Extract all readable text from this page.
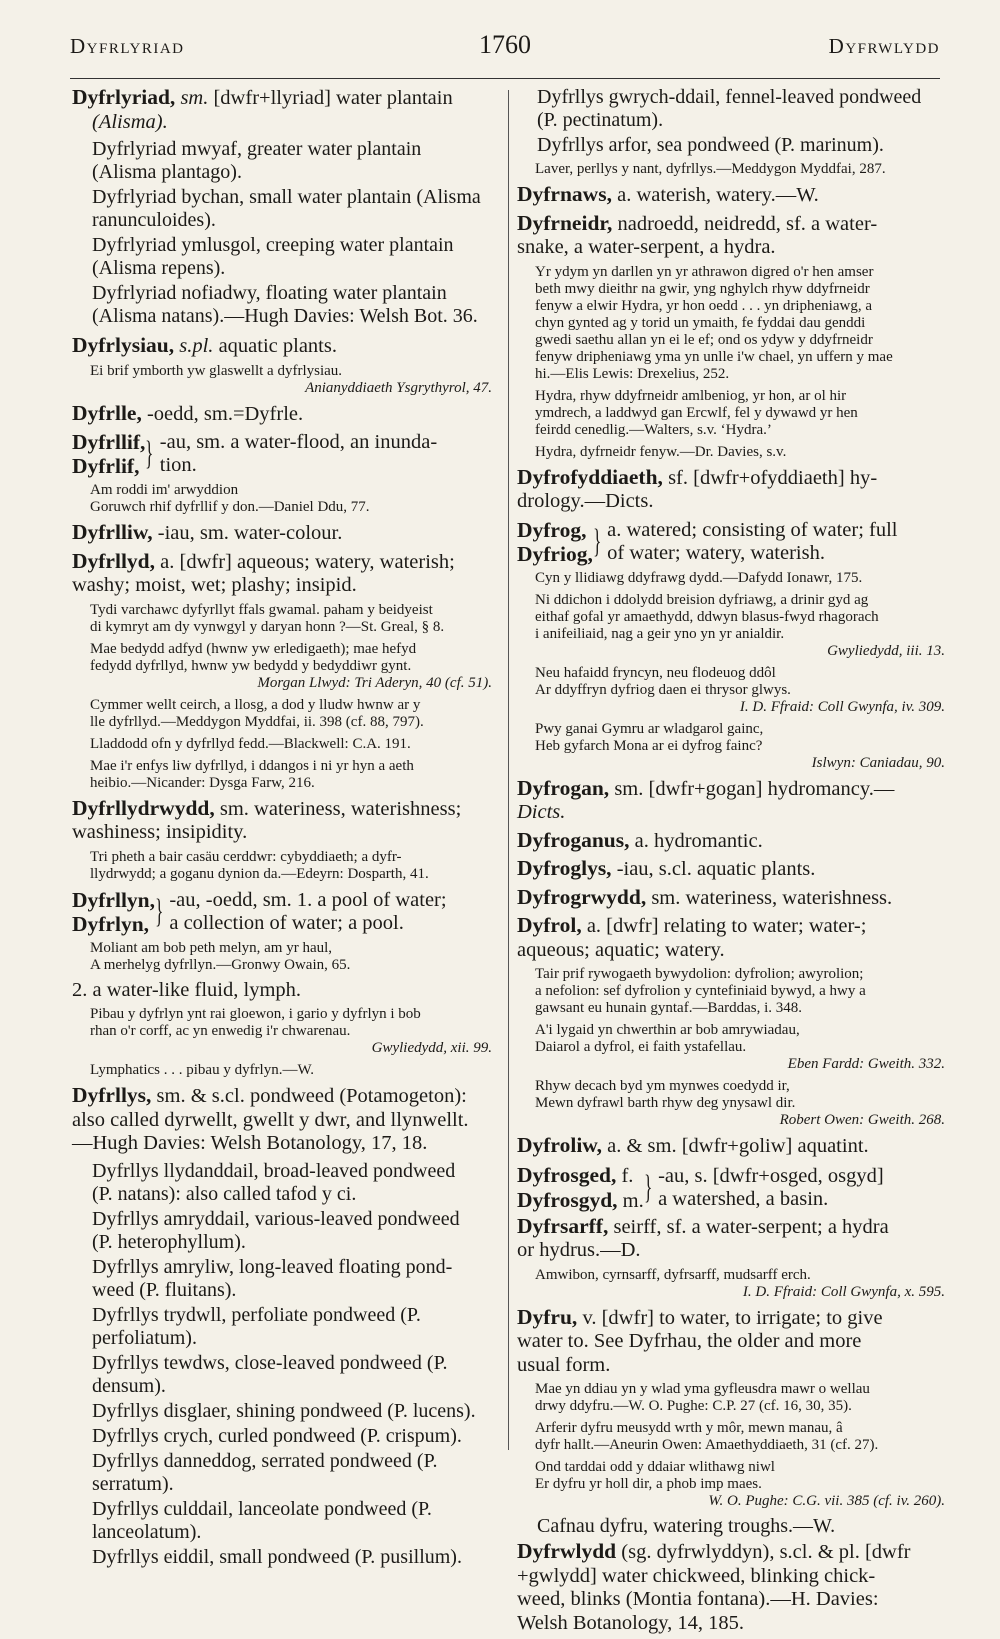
Dyfrlyriad	1760	Dyfrwlydd
Dyfrlyriad, sm. [dwfr+llyriad] water plantain
(Alisma).
Dyfrlyriad mwyaf, greater water plantain
(Alisma plantago).
Dyfrlyriad bychan, small water plantain (Alisma
ranunculoides).
Dyfrlyriad ymlusgol, creeping water plantain
(Alisma repens).
Dyfrlyriad nofiadwy, floating water plantain
(Alisma natans).—Hugh Davies: Welsh Bot. 36.
Dyfrlysiau, s.pl. aquatic plants.
Ei brif ymborth yw glaswellt a dyfrlysiau.
Anianyddiaeth Ysgrythyrol, 47.
Dyfrlle, -oedd, sm.=Dyfrle.
Dyfrllif,
Dyfrlif, } -au, sm. a water-flood, an inunda-
tion.
Am roddi im' arwyddion
Goruwch rhif dyfrllif y don.—Daniel Ddu, 77.
Dyfrlliw, -iau, sm. water-colour.
Dyfrllyd, a. [dwfr] aqueous; watery, waterish;
washy; moist, wet; plashy; insipid.
Tydi varchawc dyfyrllyt ffals gwamal. paham y beidyeist
di kymryt am dy vynwgyl y daryan honn ?—St. Greal, § 8.
Mae bedydd adfyd (hwnw yw erledigaeth); mae hefyd
fedydd dyfrllyd, hwnw yw bedydd y bedyddiwr gynt.
Morgan Llwyd: Tri Aderyn, 40 (cf. 51).
Cymmer wellt ceirch, a llosg, a dod y lludw hwnw ar y
lle dyfrllyd.—Meddygon Myddfai, ii. 398 (cf. 88, 797).
Lladdodd ofn y dyfrllyd fedd.—Blackwell: C.A. 191.
Mae i'r enfys liw dyfrllyd, i ddangos i ni yr hyn a aeth
heibio.—Nicander: Dysga Farw, 216.
Dyfrllydrwydd, sm. wateriness, waterishness;
washiness; insipidity.
Tri pheth a bair casäu cerddwr: cybyddiaeth; a dyfr-
llydrwydd; a goganu dynion da.—Edeyrn: Dosparth, 41.
Dyfrllyn,
Dyfrlyn, } -au, -oedd, sm. 1. a pool of water;
a collection of water; a pool.
Moliant am bob peth melyn, am yr haul,
A merhelyg dyfrllyn.—Gronwy Owain, 65.
2. a water-like fluid, lymph.
Pibau y dyfrlyn ynt rai gloewon, i gario y dyfrlyn i bob
rhan o'r corff, ac yn enwedig i'r chwarenau.
Gwyliedydd, xii. 99.
Lymphatics . . . pibau y dyfrlyn.—W.
Dyfrllys, sm. & s.cl. pondweed (Potamogeton):
also called dyrwellt, gwellt y dwr, and llynwellt.
—Hugh Davies: Welsh Botanology, 17, 18.
Dyfrllys llydanddail, broad-leaved pondweed
(P. natans): also called tafod y ci.
Dyfrllys amryddail, various-leaved pondweed
(P. heterophyllum).
Dyfrllys amryliw, long-leaved floating pond-
weed (P. fluitans).
Dyfrllys trydwll, perfoliate pondweed (P.
perfoliatum).
Dyfrllys tewdws, close-leaved pondweed (P.
densum).
Dyfrllys disglaer, shining pondweed (P. lucens).
Dyfrllys crych, curled pondweed (P. crispum).
Dyfrllys danneddog, serrated pondweed (P.
serratum).
Dyfrllys culddail, lanceolate pondweed (P.
lanceolatum).
Dyfrllys eiddil, small pondweed (P. pusillum).
Dyfrllys gwrych-ddail, fennel-leaved pondweed
(P. pectinatum).
Dyfrllys arfor, sea pondweed (P. marinum).
Laver, perllys y nant, dyfrllys.—Meddygon Myddfai, 287.
Dyfrnaws, a. waterish, watery.—W.
Dyfrneidr, nadroedd, neidredd, sf. a water-
snake, a water-serpent, a hydra.
Yr ydym yn darllen yn yr athrawon digred o'r hen amser
beth mwy dieithr na gwir, yng nghylch rhyw ddyfrneidr
fenyw a elwir Hydra, yr hon oedd . . . yn dripheniawg, a
chyn gynted ag y torid un ymaith, fe fyddai dau genddi
gwedi saethu allan yn ei le ef; ond os ydyw y ddyfrneidr
fenyw dripheniawg yma yn unlle i'w chael, yn uffern y mae
hi.—Elis Lewis: Drexelius, 252.
Hydra, rhyw ddyfrneidr amlbeniog, yr hon, ar ol hir
ymdrech, a laddwyd gan Ercwlf, fel y dywawd yr hen
feirdd cenedlig.—Walters, s.v. ‘Hydra.’
Hydra, dyfrneidr fenyw.—Dr. Davies, s.v.
Dyfrofyddiaeth, sf. [dwfr+ofyddiaeth] hy-
drology.—Dicts.
Dyfrog,
Dyfriog, } a. watered; consisting of water; full
of water; watery, waterish.
Cyn y llidiawg ddyfrawg dydd.—Dafydd Ionawr, 175.
Ni ddichon i ddolydd breision dyfriawg, a drinir gyd ag
eithaf gofal yr amaethydd, ddwyn blasus-fwyd rhagorach
i anifeiliaid, nag a geir yno yn yr anialdir.
Gwyliedydd, iii. 13.
Neu hafaidd fryncyn, neu flodeuog ddôl
Ar ddyffryn dyfriog daen ei thrysor glwys.
I. D. Ffraid: Coll Gwynfa, iv. 309.
Pwy ganai Gymru ar wladgarol gainc,
Heb gyfarch Mona ar ei dyfrog fainc?
Islwyn: Caniadau, 90.
Dyfrogan, sm. [dwfr+gogan] hydromancy.—
Dicts.
Dyfroganus, a. hydromantic.
Dyfroglys, -iau, s.cl. aquatic plants.
Dyfrogrwydd, sm. wateriness, waterishness.
Dyfrol, a. [dwfr] relating to water; water-;
aqueous; aquatic; watery.
Tair prif rywogaeth bywydolion: dyfrolion; awyrolion;
a nefolion: sef dyfrolion y cyntefiniaid bywyd, a hwy a
gawsant eu hunain gyntaf.—Barddas, i. 348.
A'i lygaid yn chwerthin ar bob amrywiadau,
Daiarol a dyfrol, ei faith ystafellau.
Eben Fardd: Gweith. 332.
Rhyw decach byd ym mynwes coedydd ir,
Mewn dyfrawl barth rhyw deg ynysawl dir.
Robert Owen: Gweith. 268.
Dyfroliw, a. & sm. [dwfr+goliw] aquatint.
Dyfrosged, f.
Dyfrosgyd, m. } -au, s. [dwfr+osged, osgyd]
a watershed, a basin.
Dyfrsarff, seirff, sf. a water-serpent; a hydra
or hydrus.—D.
Amwibon, cyrnsarff, dyfrsarff, mudsarff erch.
I. D. Ffraid: Coll Gwynfa, x. 595.
Dyfru, v. [dwfr] to water, to irrigate; to give
water to. See Dyfrhau, the older and more
usual form.
Mae yn ddiau yn y wlad yma gyfleusdra mawr o wellau
drwy ddyfru.—W. O. Pughe: C.P. 27 (cf. 16, 30, 35).
Arferir dyfru meusydd wrth y môr, mewn manau, â
dyfr hallt.—Aneurin Owen: Amaethyddiaeth, 31 (cf. 27).
Ond tarddai odd y ddaiar wlithawg niwl
Er dyfru yr holl dir, a phob imp maes.
W. O. Pughe: C.G. vii. 385 (cf. iv. 260).
Cafnau dyfru, watering troughs.—W.
Dyfrwlydd (sg. dyfrwlyddyn), s.cl. & pl. [dwfr
+gwlydd] water chickweed, blinking chick-
weed, blinks (Montia fontana).—H. Davies:
Welsh Botanology, 14, 185.
